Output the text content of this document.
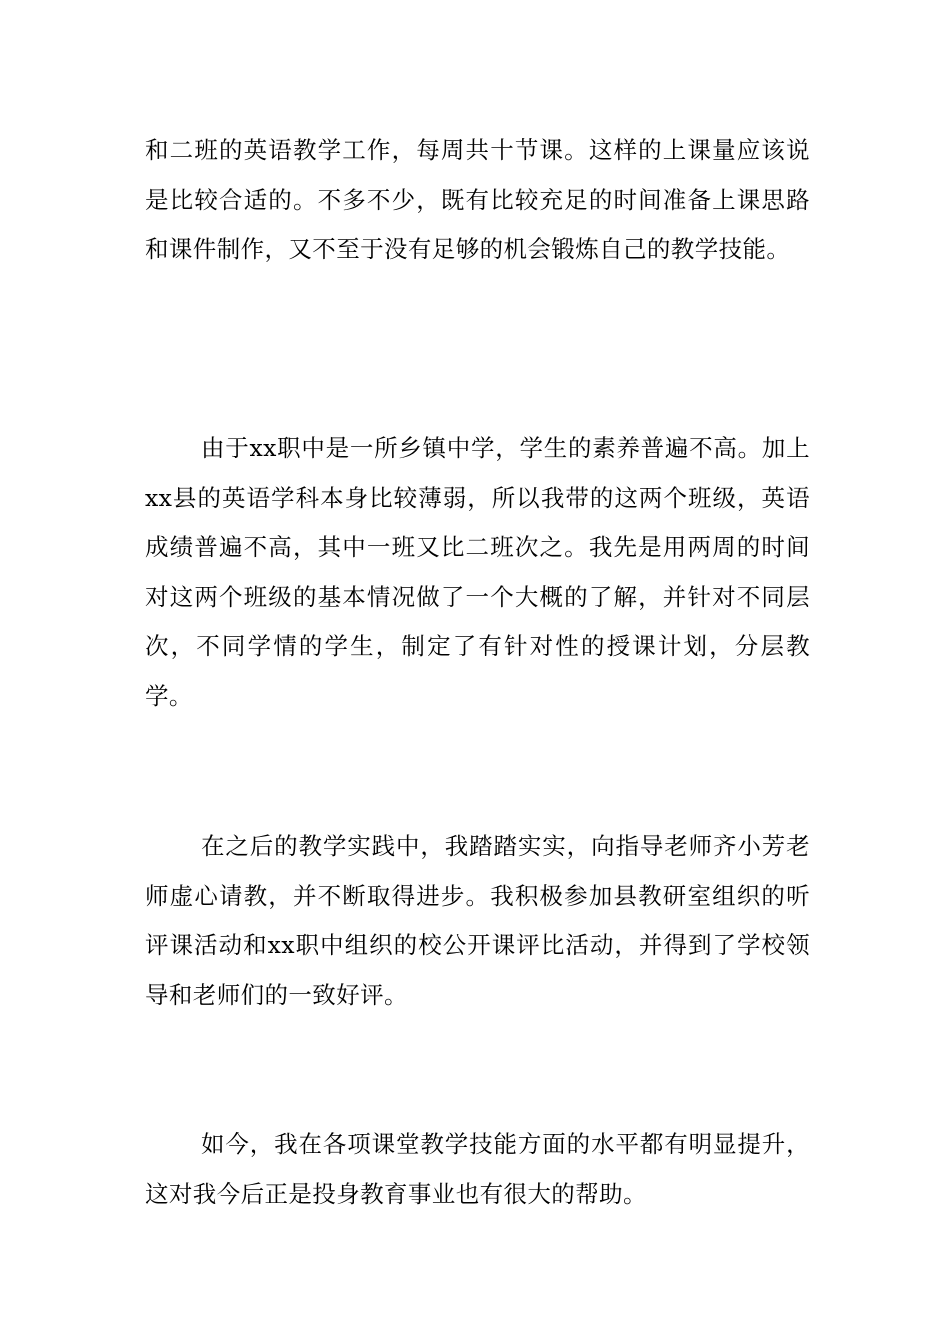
和二班的英语教学工作，每周共十节课。这样的上课量应该说是比较合适的。不多不少，既有比较充足的时间准备上课思路和课件制作，又不至于没有足够的机会锻炼自己的教学技能。

由于xx职中是一所乡镇中学，学生的素养普遍不高。加上xx县的英语学科本身比较薄弱，所以我带的这两个班级，英语成绩普遍不高，其中一班又比二班次之。我先是用两周的时间对这两个班级的基本情况做了一个大概的了解，并针对不同层次，不同学情的学生，制定了有针对性的授课计划，分层教学。

在之后的教学实践中，我踏踏实实，向指导老师齐小芳老师虚心请教，并不断取得进步。我积极参加县教研室组织的听评课活动和xx职中组织的校公开课评比活动，并得到了学校领导和老师们的一致好评。

如今，我在各项课堂教学技能方面的水平都有明显提升，这对我今后正是投身教育事业也有很大的帮助。
